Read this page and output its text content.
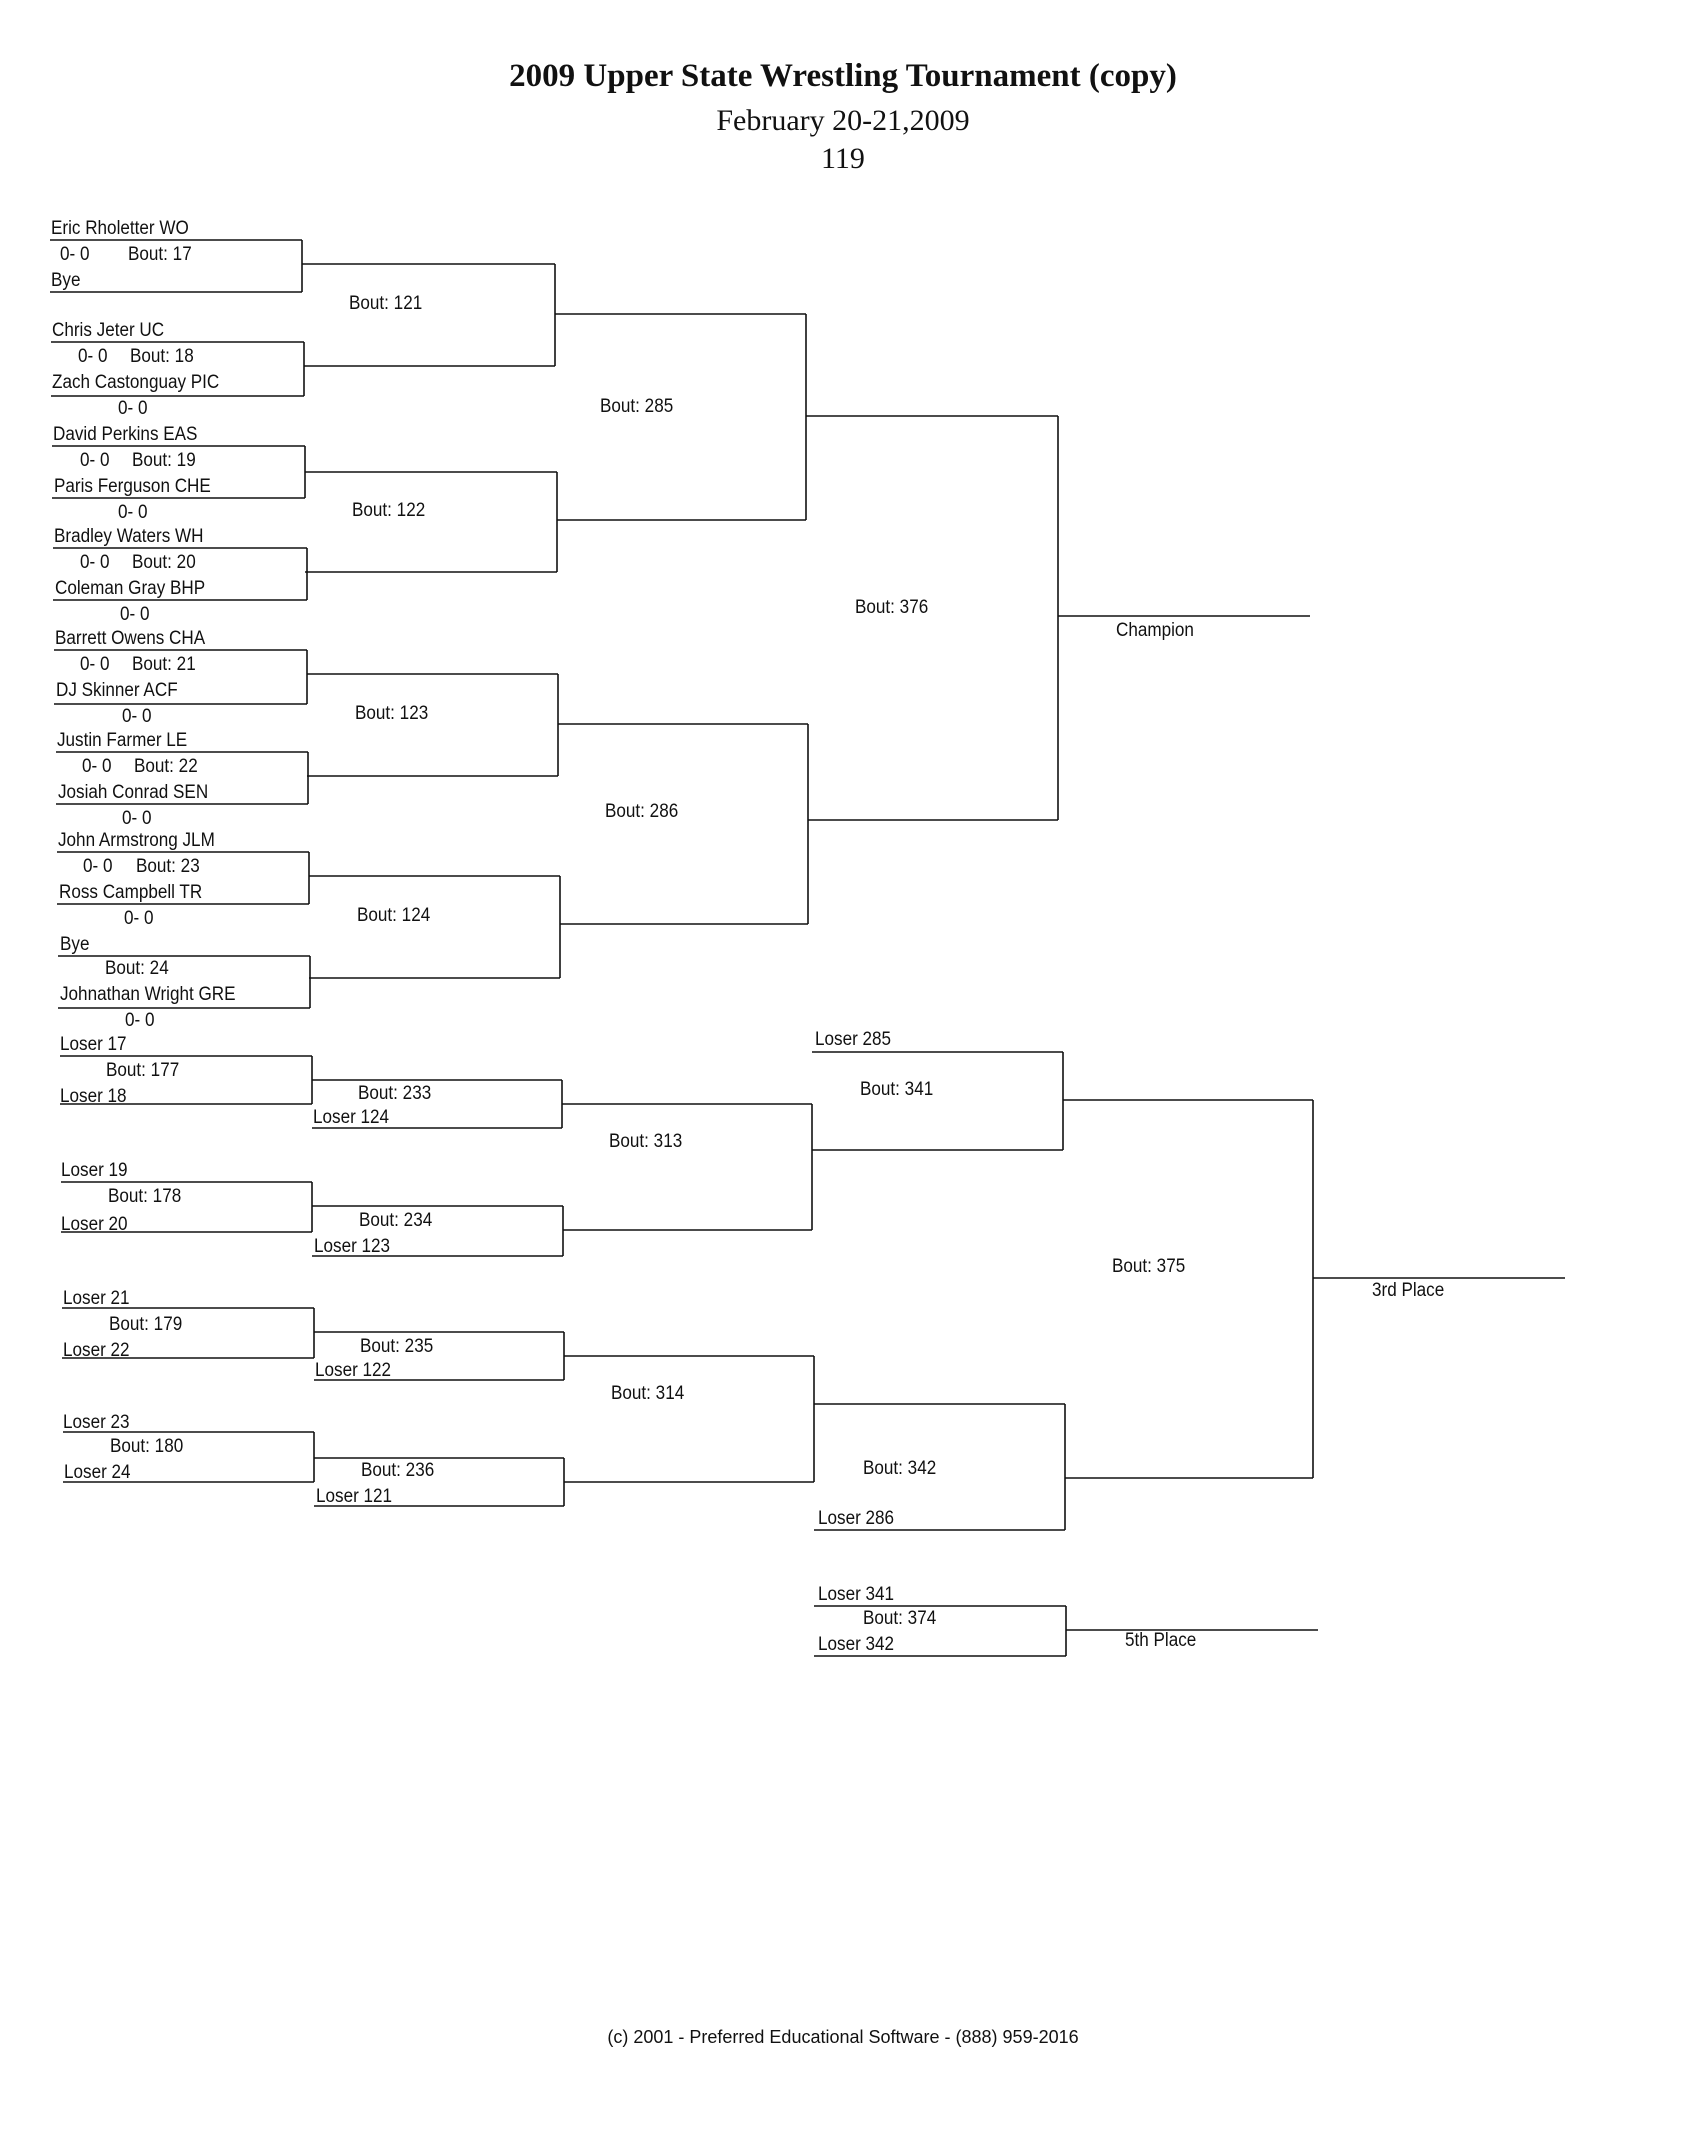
2009 Upper State Wrestling Tournament (copy)
February 20-21,2009
119
Eric Rholetter WO
0- 0 Bout: 17
Bye
Chris Jeter UC
0- 0 Bout: 18
Zach Castonguay PIC
0- 0
David Perkins EAS
0- 0 Bout: 19
Paris Ferguson CHE
0- 0
Bradley Waters WH
0- 0 Bout: 20
Coleman Gray BHP
0- 0
Barrett Owens CHA
0- 0 Bout: 21
DJ Skinner ACF
0- 0
Justin Farmer LE
0- 0 Bout: 22
Josiah Conrad SEN
0- 0
John Armstrong JLM
0- 0 Bout: 23
Ross Campbell TR
0- 0
Bye
Bout: 24
Johnathan Wright GRE
0- 0
Bout: 121
Bout: 122
Bout: 123
Bout: 124
Bout: 285
Bout: 286
Bout: 376
Champion
Loser 17
Bout: 177
Loser 18
Loser 19
Bout: 178
Loser 20
Loser 21
Bout: 179
Loser 22
Loser 23
Bout: 180
Loser 24
Bout: 233
Loser 124
Bout: 234
Loser 123
Bout: 235
Loser 122
Bout: 236
Loser 121
Bout: 313
Bout: 314
Loser 285
Bout: 341
Bout: 342
Loser 286
Bout: 375
3rd Place
Loser 341
Bout: 374
Loser 342	5th Place
(c) 2001 - Preferred Educational Software - (888) 959-2016
